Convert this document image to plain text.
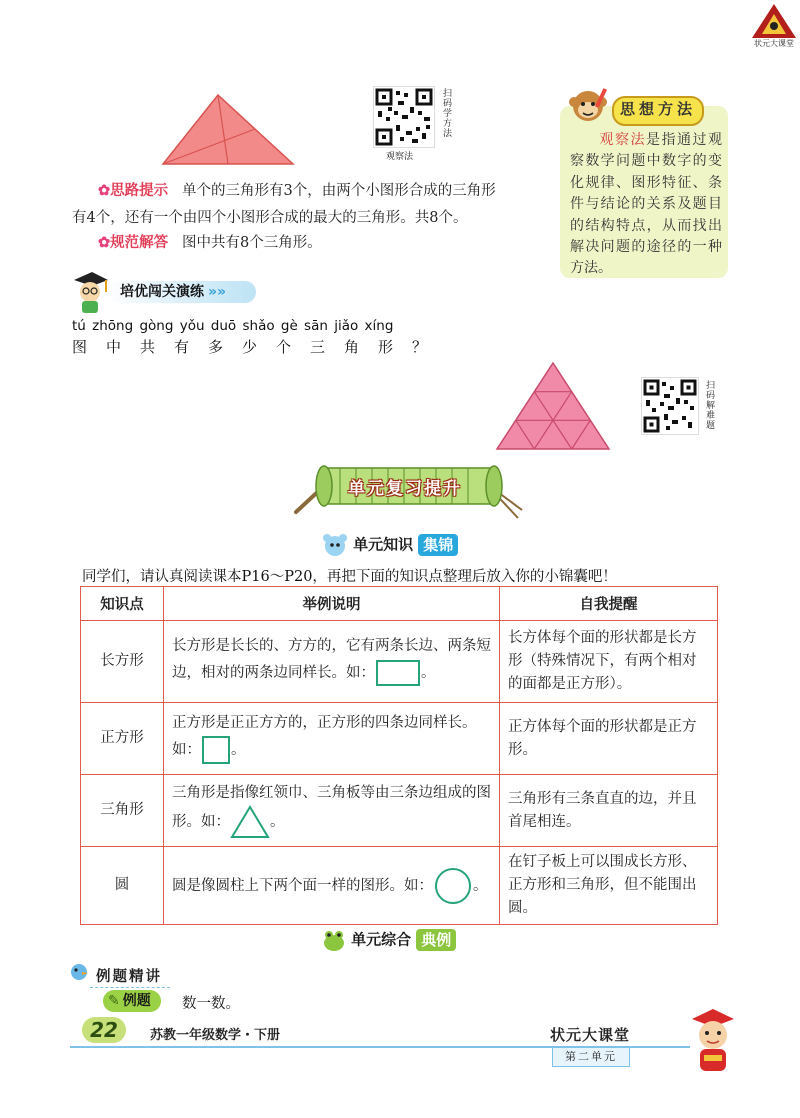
状元大课堂
观察法
扫码学方法	思想方法
观察法是指通过观察数学问题中数字的变化规律、图形特征、条件与结论的关系及题目的结构特点，从而找出解决问题的途径的一种方法。
✿思路提示 单个的三角形有3个，由两个小图形合成的三角形
有4个，还有一个由四个小图形合成的最大的三角形。共8个。
✿规范解答 图中共有8个三角形。
培优闯关演练 »»
tú zhōng gòng yǒu duō shǎo gè sān jiǎo xíng
图中共有多少个三角形？
扫码解难题
单元复习提升
单元知识 集锦
同学们，请认真阅读课本P16～P20，再把下面的知识点整理后放入你的小锦囊吧！
知识点	举例说明	自我提醒
长方形	长方形是长长的、方方的，它有两条长边、两条短边，相对的两条边同样长。如： 。	长方体每个面的形状都是长方形（特殊情况下，有两个相对的面都是正方形）。
正方形	正方形是正正方方的，正方形的四条边同样长。如： 。	正方体每个面的形状都是正方形。
三角形	三角形是指像红领巾、三角板等由三条边组成的图形。如： 。	三角形有三条直直的边，并且首尾相连。
圆	圆是像圆柱上下两个面一样的图形。如： 。	在钉子板上可以围成长方形、正方形和三角形，但不能围出圆。
单元综合 典例
例题精讲
✎ 例题	数一数。
22	苏教一年级数学・下册	状元大课堂
第二单元
